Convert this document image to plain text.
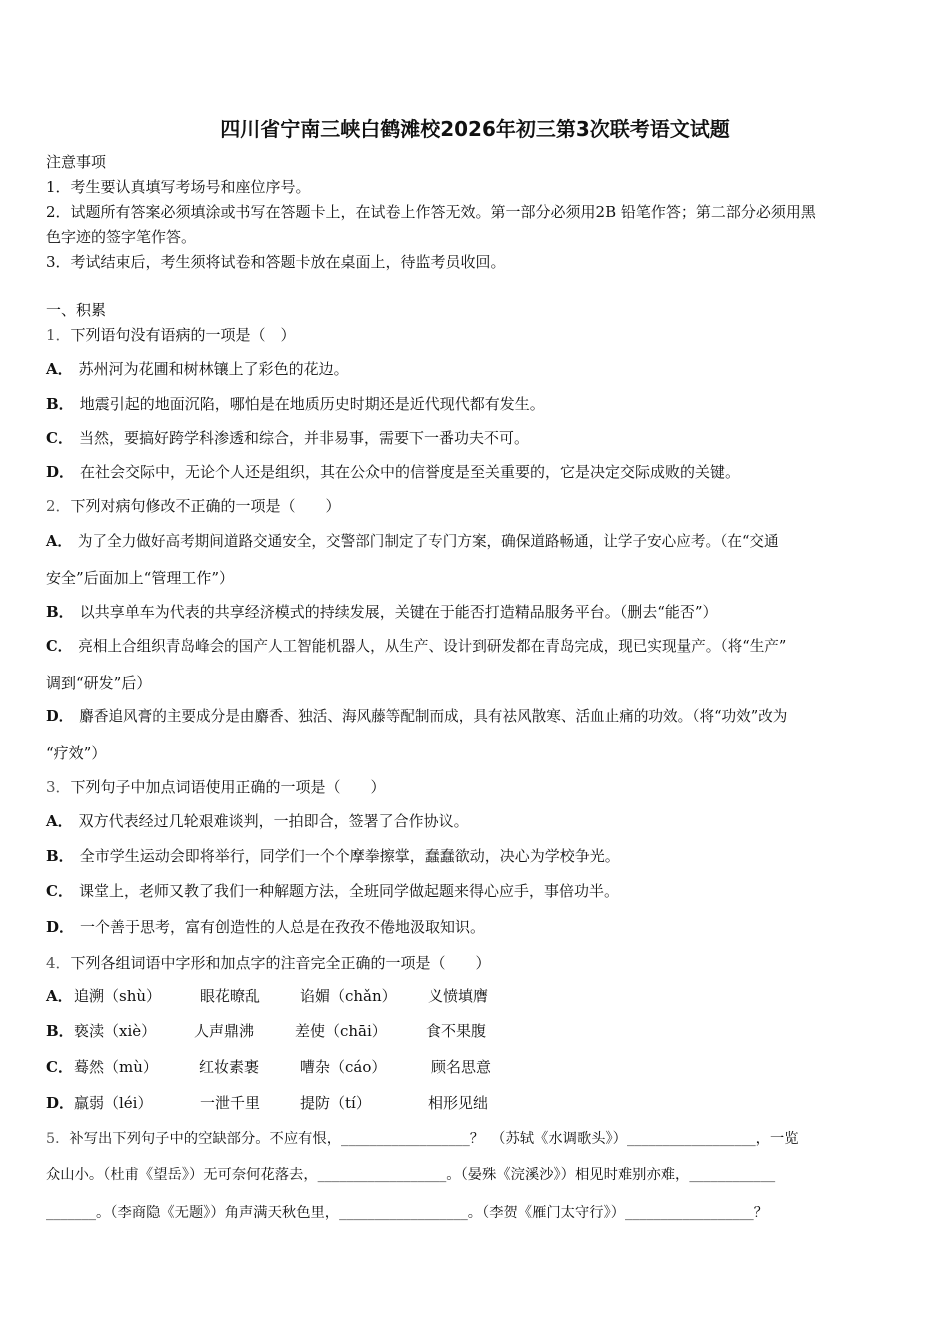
四川省宁南三峡白鹤滩校2026年初三第3次联考语文试题
注意事项
1．考生要认真填写考场号和座位序号。
2．试题所有答案必须填涂或书写在答题卡上，在试卷上作答无效。第一部分必须用2B 铅笔作答；第二部分必须用黑
色字迹的签字笔作答。
3．考试结束后，考生须将试卷和答题卡放在桌面上，待监考员收回。
一、积累
1．下列语句没有语病的一项是（　）
A． 苏州河为花圃和树林镶上了彩色的花边。
B． 地震引起的地面沉陷，哪怕是在地质历史时期还是近代现代都有发生。
C． 当然，要搞好跨学科渗透和综合，并非易事，需要下一番功夫不可。
D． 在社会交际中，无论个人还是组织，其在公众中的信誉度是至关重要的，它是决定交际成败的关键。
2．下列对病句修改不正确的一项是（　　）
A． 为了全力做好高考期间道路交通安全，交警部门制定了专门方案，确保道路畅通，让学子安心应考。（在“交通
安全”后面加上“管理工作”）
B． 以共享单车为代表的共享经济模式的持续发展，关键在于能否打造精品服务平台。（删去“能否”）
C． 亮相上合组织青岛峰会的国产人工智能机器人，从生产、设计到研发都在青岛完成，现已实现量产。（将“生产”
调到“研发”后）
D． 麝香追风膏的主要成分是由麝香、独活、海风藤等配制而成，具有祛风散寒、活血止痛的功效。（将“功效”改为
“疗效”）
3．下列句子中加点词语使用正确的一项是（　　）
A． 双方代表经过几轮艰难谈判，一拍即合，签署了合作协议。
B． 全市学生运动会即将举行，同学们一个个摩拳擦掌，蠢蠢欲动，决心为学校争光。
C． 课堂上，老师又教了我们一种解题方法，全班同学做起题来得心应手，事倍功半。
D． 一个善于思考，富有创造性的人总是在孜孜不倦地汲取知识。
4．下列各组词语中字形和加点字的注音完全正确的一项是（　　）
A． 追溯（shù）	眼花暸乱	谄媚（chǎn） 义愤填膺
B． 亵渎（xiè）	人声鼎沸	差使（chāi）	食不果腹
C． 蓦然（mù）	红妆素裹	嘈杂（cáo）	顾名思意
D． 羸弱（léi）	一泄千里	提防（tí）	相形见绌
5．补写出下列句子中的空缺部分。不应有恨，__________________？　（苏轼《水调歌头》）__________________，一览
众山小。（杜甫《望岳》）无可奈何花落去，__________________。（晏殊《浣溪沙》）相见时难别亦难，____________
_______。（李商隐《无题》）角声满天秋色里，__________________。（李贺《雁门太守行》）__________________？
